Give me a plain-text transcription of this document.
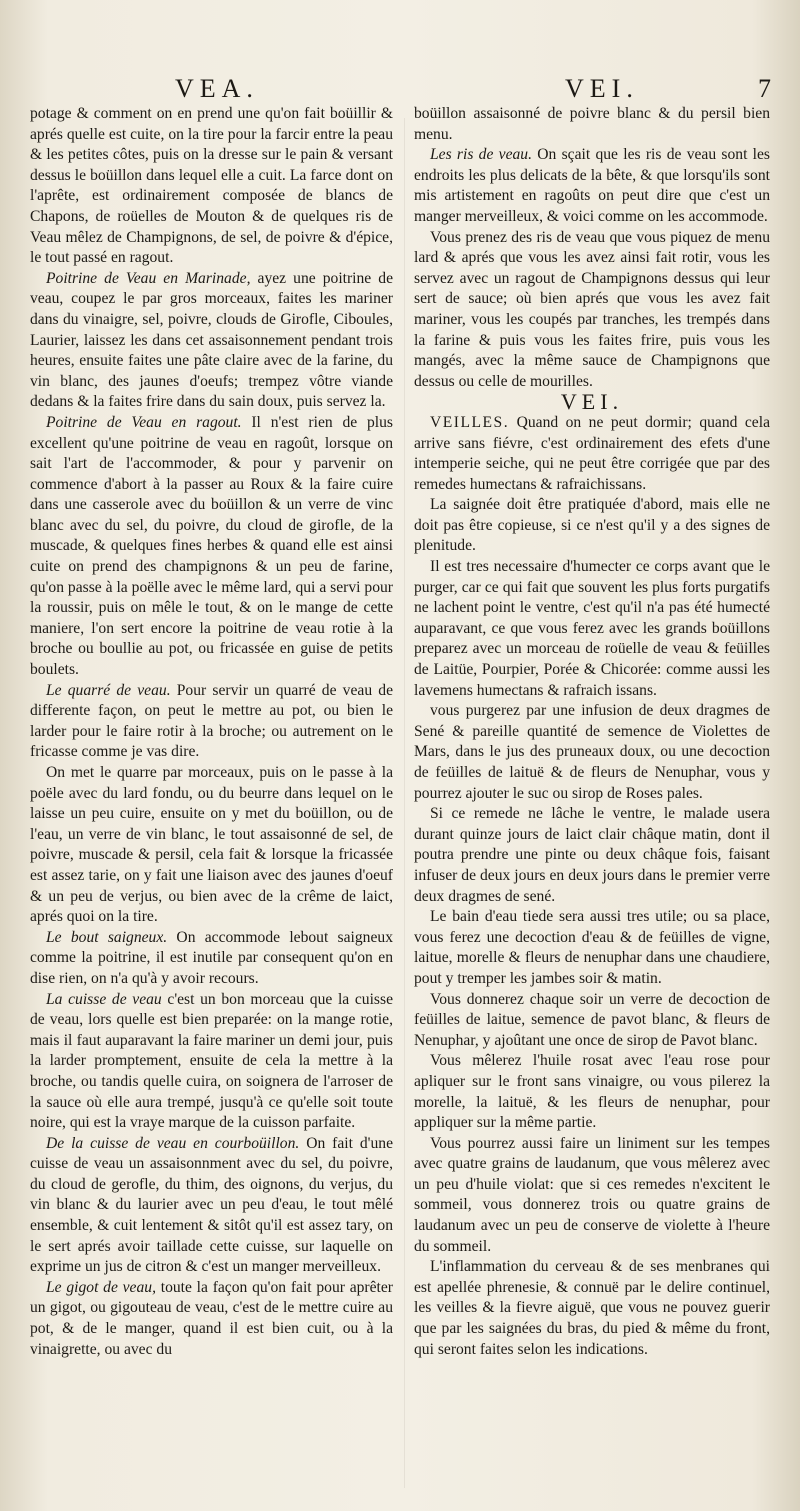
VEA.	VEI.	7

potage & comment on en prend une qu'on fait boüillir & aprés quelle est cuite, on la tire pour la farcir entre la peau & les petites côtes, puis on la dresse sur le pain & versant dessus le boüillon dans lequel elle a cuit. La farce dont on l'aprête, est ordinairement composée de blancs de Chapons, de roüelles de Mouton & de quelques ris de Veau mêlez de Champignons, de sel, de poivre & d'épice, le tout passé en ragout.

Poitrine de Veau en Marinade, ayez une poitrine de veau, coupez le par gros morceaux, faites les mariner dans du vinaigre, sel, poivre, clouds de Girofle, Ciboules, Laurier, laissez les dans cet assaisonnement pendant trois heures, ensuite faites une pâte claire avec de la farine, du vin blanc, des jaunes d'oeufs; trempez vôtre viande dedans & la faites frire dans du sain doux, puis servez la.

Poitrine de Veau en ragout. Il n'est rien de plus excellent qu'une poitrine de veau en ragoût, lorsque on sait l'art de l'accommoder, & pour y parvenir on commence d'abort à la passer au Roux & la faire cuire dans une casserole avec du boüillon & un verre de vinc blanc avec du sel, du poivre, du cloud de girofle, de la muscade, & quelques fines herbes & quand elle est ainsi cuite on prend des champignons & un peu de farine, qu'on passe à la poëlle avec le même lard, qui a servi pour la roussir, puis on mêle le tout, & on le mange de cette maniere, l'on sert encore la poitrine de veau rotie à la broche ou boullie au pot, ou fricassée en guise de petits boulets.

Le quarré de veau. Pour servir un quarré de veau de differente façon, on peut le mettre au pot, ou bien le larder pour le faire rotir à la broche; ou autrement on le fricasse comme je vas dire.

On met le quarre par morceaux, puis on le passe à la poële avec du lard fondu, ou du beurre dans lequel on le laisse un peu cuire, ensuite on y met du boüillon, ou de l'eau, un verre de vin blanc, le tout assaisonné de sel, de poivre, muscade & persil, cela fait & lorsque la fricassée est assez tarie, on y fait une liaison avec des jaunes d'oeuf & un peu de verjus, ou bien avec de la crême de laict, aprés quoi on la tire.

Le bout saigneux. On accommode lebout saigneux comme la poitrine, il est inutile par consequent qu'on en dise rien, on n'a qu'à y avoir recours.

La cuisse de veau c'est un bon morceau que la cuisse de veau, lors quelle est bien preparée: on la mange rotie, mais il faut auparavant la faire mariner un demi jour, puis la larder promptement, ensuite de cela la mettre à la broche, ou tandis quelle cuira, on soignera de l'arroser de la sauce où elle aura trempé, jusqu'à ce qu'elle soit toute noire, qui est la vraye marque de la cuisson parfaite.

De la cuisse de veau en courboüillon. On fait d'une cuisse de veau un assaisonnment avec du sel, du poivre, du cloud de gerofle, du thim, des oignons, du verjus, du vin blanc & du laurier avec un peu d'eau, le tout mêlé ensemble, & cuit lentement & sitôt qu'il est assez tary, on le sert aprés avoir taillade cette cuisse, sur laquelle on exprime un jus de citron & c'est un manger merveilleux.

Le gigot de veau, toute la façon qu'on fait pour aprêter un gigot, ou gigouteau de veau, c'est de le mettre cuire au pot, & de le manger, quand il est bien cuit, ou à la vinaigrette, ou avec du

boüillon assaisonné de poivre blanc & du persil bien menu.

Les ris de veau. On sçait que les ris de veau sont les endroits les plus delicats de la bête, & que lorsqu'ils sont mis artistement en ragoûts on peut dire que c'est un manger merveilleux, & voici comme on les accommode.

Vous prenez des ris de veau que vous piquez de menu lard & aprés que vous les avez ainsi fait rotir, vous les servez avec un ragout de Champignons dessus qui leur sert de sauce; où bien aprés que vous les avez fait mariner, vous les coupés par tranches, les trempés dans la farine & puis vous les faites frire, puis vous les mangés, avec la même sauce de Champignons que dessus ou celle de mourilles.

VEI.

VEILLES. Quand on ne peut dormir; quand cela arrive sans fiévre, c'est ordinairement des efets d'une intemperie seiche, qui ne peut être corrigée que par des remedes humectans & rafraichissans.

La saignée doit être pratiquée d'abord, mais elle ne doit pas être copieuse, si ce n'est qu'il y a des signes de plenitude.

Il est tres necessaire d'humecter ce corps avant que le purger, car ce qui fait que souvent les plus forts purgatifs ne lachent point le ventre, c'est qu'il n'a pas été humecté auparavant, ce que vous ferez avec les grands boüillons preparez avec un morceau de roüelle de veau & feüilles de Laitüe, Pourpier, Porée & Chicorée: comme aussi les lavemens humectans & rafraich issans.

vous purgerez par une infusion de deux dragmes de Sené & pareille quantité de semence de Violettes de Mars, dans le jus des pruneaux doux, ou une decoction de feüilles de laituë & de fleurs de Nenuphar, vous y pourrez ajouter le suc ou sirop de Roses pales.

Si ce remede ne lâche le ventre, le malade usera durant quinze jours de laict clair châque matin, dont il poutra prendre une pinte ou deux châque fois, faisant infuser de deux jours en deux jours dans le premier verre deux dragmes de sené.

Le bain d'eau tiede sera aussi tres utile; ou sa place, vous ferez une decoction d'eau & de feüilles de vigne, laitue, morelle & fleurs de nenuphar dans une chaudiere, pout y tremper les jambes soir & matin.

Vous donnerez chaque soir un verre de decoction de feüilles de laitue, semence de pavot blanc, & fleurs de Nenuphar, y ajoûtant une once de sirop de Pavot blanc.

Vous mêlerez l'huile rosat avec l'eau rose pour apliquer sur le front sans vinaigre, ou vous pilerez la morelle, la laituë, & les fleurs de nenuphar, pour appliquer sur la même partie.

Vous pourrez aussi faire un liniment sur les tempes avec quatre grains de laudanum, que vous mêlerez avec un peu d'huile violat: que si ces remedes n'excitent le sommeil, vous donnerez trois ou quatre grains de laudanum avec un peu de conserve de violette à l'heure du sommeil.

L'inflammation du cerveau & de ses menbranes qui est apellée phrenesie, & connuë par le delire continuel, les veilles & la fievre aiguë, que vous ne pouvez guerir que par les saignées du bras, du pied & même du front, qui seront faites selon les indications.
